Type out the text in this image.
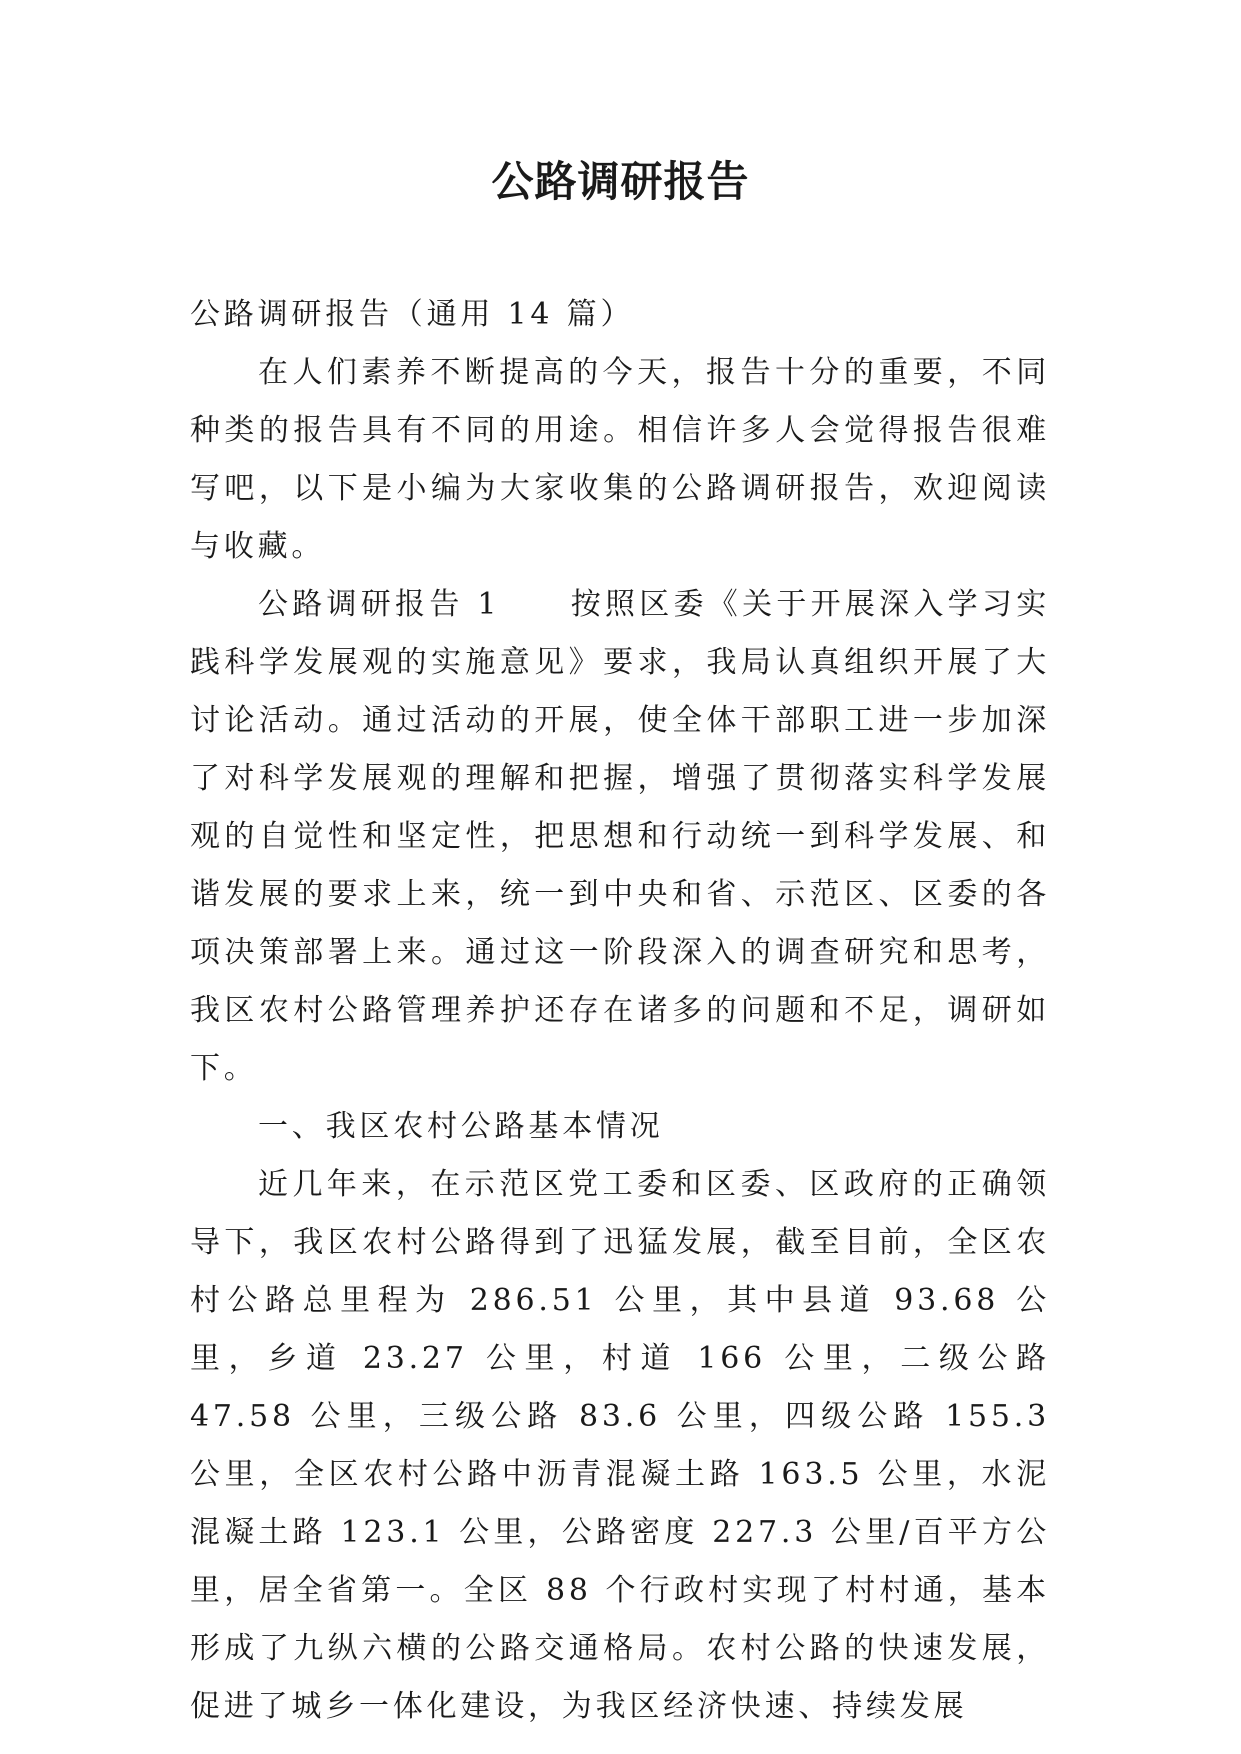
公路调研报告

公路调研报告（通用 14 篇）

在人们素养不断提高的今天，报告十分的重要，不同种类的报告具有不同的用途。相信许多人会觉得报告很难写吧，以下是小编为大家收集的公路调研报告，欢迎阅读与收藏。

公路调研报告 1 按照区委《关于开展深入学习实践科学发展观的实施意见》要求，我局认真组织开展了大讨论活动。通过活动的开展，使全体干部职工进一步加深了对科学发展观的理解和把握，增强了贯彻落实科学发展观的自觉性和坚定性，把思想和行动统一到科学发展、和谐发展的要求上来，统一到中央和省、示范区、区委的各项决策部署上来。通过这一阶段深入的调查研究和思考，我区农村公路管理养护还存在诸多的问题和不足，调研如下。

一、我区农村公路基本情况

近几年来，在示范区党工委和区委、区政府的正确领导下，我区农村公路得到了迅猛发展，截至目前，全区农村公路总里程为 286.51 公里，其中县道 93.68 公里，乡道 23.27 公里，村道 166 公里，二级公路 47.58 公里，三级公路 83.6 公里，四级公路 155.3 公里，全区农村公路中沥青混凝土路 163.5 公里，水泥混凝土路 123.1 公里，公路密度 227.3 公里/百平方公里，居全省第一。全区 88 个行政村实现了村村通，基本形成了九纵六横的公路交通格局。农村公路的快速发展，促进了城乡一体化建设，为我区经济快速、持续发展
